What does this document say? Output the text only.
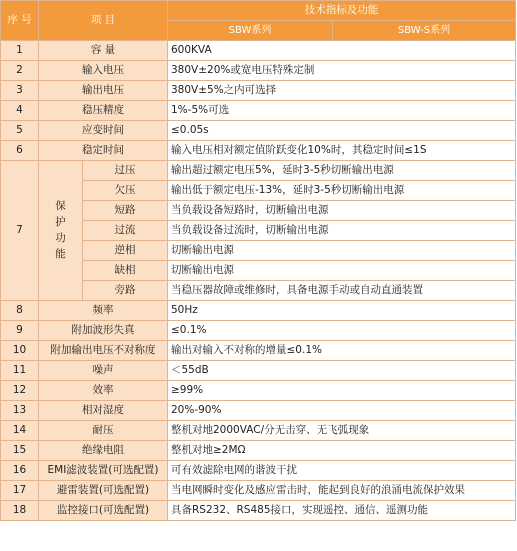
序 号	项 目		技术指标及功能	
			SBW系列	SBW-S系列
1	容 量		600KVA	
2	输入电压		380V±20%或宽电压特殊定制	
3	输出电压		380V±5%之内可选择	
4	稳压精度		1%-5%可选	
5	应变时间		≤0.05s	
6	稳定时间		输入电压相对额定值阶跃变化10%时，其稳定时间≤1S	
7	保护功能	过压	输出超过额定电压5%，延时3-5秒切断输出电源	
		欠压	输出低于额定电压-13%，延时3-5秒切断输出电源	
		短路	当负载设备短路时，切断输出电源	
		过流	当负载设备过流时，切断输出电源	
		逆相	切断输出电源	
		缺相	切断输出电源	
		旁路	当稳压器故障或维修时，具备电源手动或自动直通装置	
8	频率		50Hz	
9	附加波形失真		≤0.1%	
10	附加输出电压不对称度		输出对输入不对称的增量≤0.1%	
11	噪声		＜55dB	
12	效率		≥99%	
13	相对湿度		20%-90%	
14	耐压		整机对地2000VAC/分无击穿、无飞弧现象	
15	绝缘电阻		整机对地≥2MΩ	
16	EMI滤波装置(可选配置)		可有效滤除电网的谐波干扰	
17	避雷装置(可选配置)		当电网瞬时变化及感应雷击时，能起到良好的浪涌电流保护效果	
18	监控接口(可选配置)		具备RS232、RS485接口，实现遥控、通信、遥测功能	
